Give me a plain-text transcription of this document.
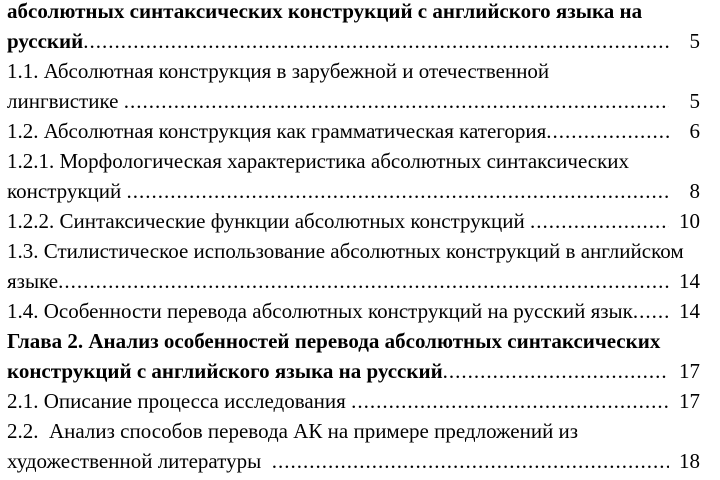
абсолютных синтаксических конструкций с английского языка на
русский .....	5
1.1. Абсолютная конструкция в зарубежной и отечественной
лингвистике .....	5
1.2. Абсолютная конструкция как грамматическая категория .....	6
1.2.1. Морфологическая характеристика абсолютных синтаксических
конструкций .....	8
1.2.2. Синтаксические функции абсолютных конструкций .....	10
1.3. Стилистическое использование абсолютных конструкций в английском
языке .....	14
1.4. Особенности перевода абсолютных конструкций на русский язык ..... 14
Глава 2. Анализ особенностей перевода абсолютных синтаксических
конструкций с английского языка на русский .....	17
2.1. Описание процесса исследования .....	17
2.2.  Анализ способов перевода АК на примере предложений из
художественной литературы .....	18
